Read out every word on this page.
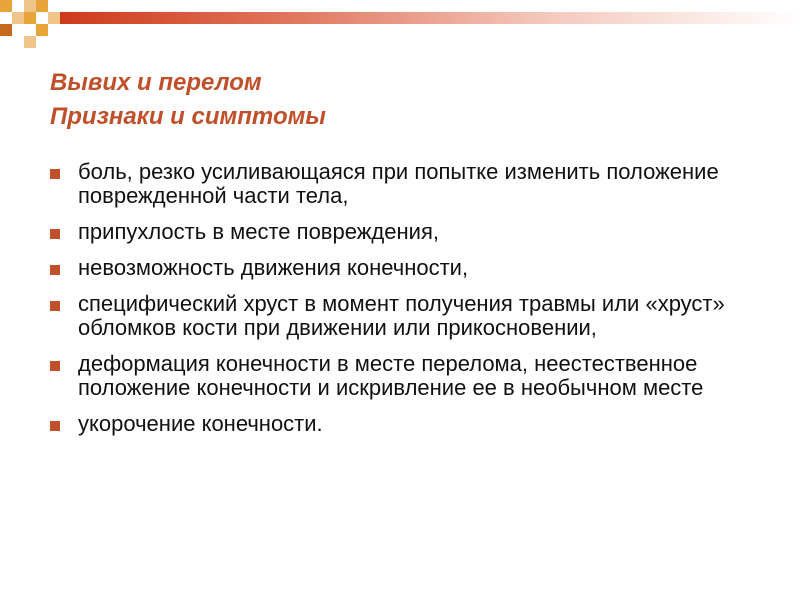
Вывих и перелом
Признаки и симптомы
боль, резко усиливающаяся при попытке изменить положение поврежденной части тела,
припухлость в месте повреждения,
невозможность движения конечности,
специфический хруст в момент получения травмы или «хруст» обломков кости при движении или прикосновении,
деформация конечности в месте перелома, неестественное положение конечности и искривление ее в необычном месте
укорочение конечности.
